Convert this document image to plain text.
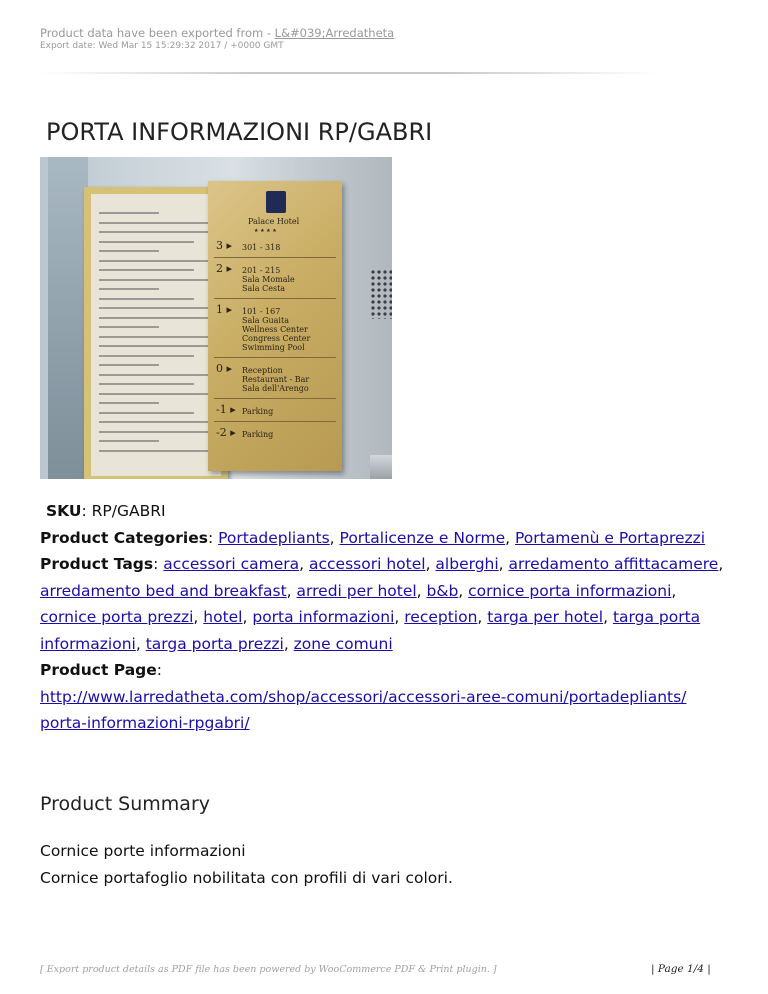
Product data have been exported from - L&#039;Arredatheta
Export date: Wed Mar 15 15:29:32 2017 / +0000 GMT
PORTA INFORMAZIONI RP/GABRI
Palace Hotel
★ ★ ★ ★
3 ▸ 301 - 318
2 ▸ 201 - 215
Sala Momale
Sala Cesta
1 ▸ 101 - 167
Sala Guaita
Wellness Center
Congress Center
Swimming Pool
0 ▸ Reception
Restaurant - Bar
Sala dell'Arengo
-1 ▸ Parking
-2 ▸ Parking

SKU: RP/GABRI

Product Categories: Portadepliants, Portalicenze e Norme, Portamenù e Portaprezzi

Product Tags: accessori camera, accessori hotel, alberghi, arredamento affittacamere, arredamento bed and breakfast, arredi per hotel, b&b, cornice porta informazioni, cornice porta prezzi, hotel, porta informazioni, reception, targa per hotel, targa porta informazioni, targa porta prezzi, zone comuni

Product Page:
http://www.larredatheta.com/shop/accessori/accessori-aree-comuni/portadepliants/
porta-informazioni-rpgabri/

Product Summary

Cornice porte informazioni

Cornice portafoglio nobilitata con profili di vari colori.

[ Export product details as PDF file has been powered by WooCommerce PDF & Print plugin. ]	| Page 1/4 |
